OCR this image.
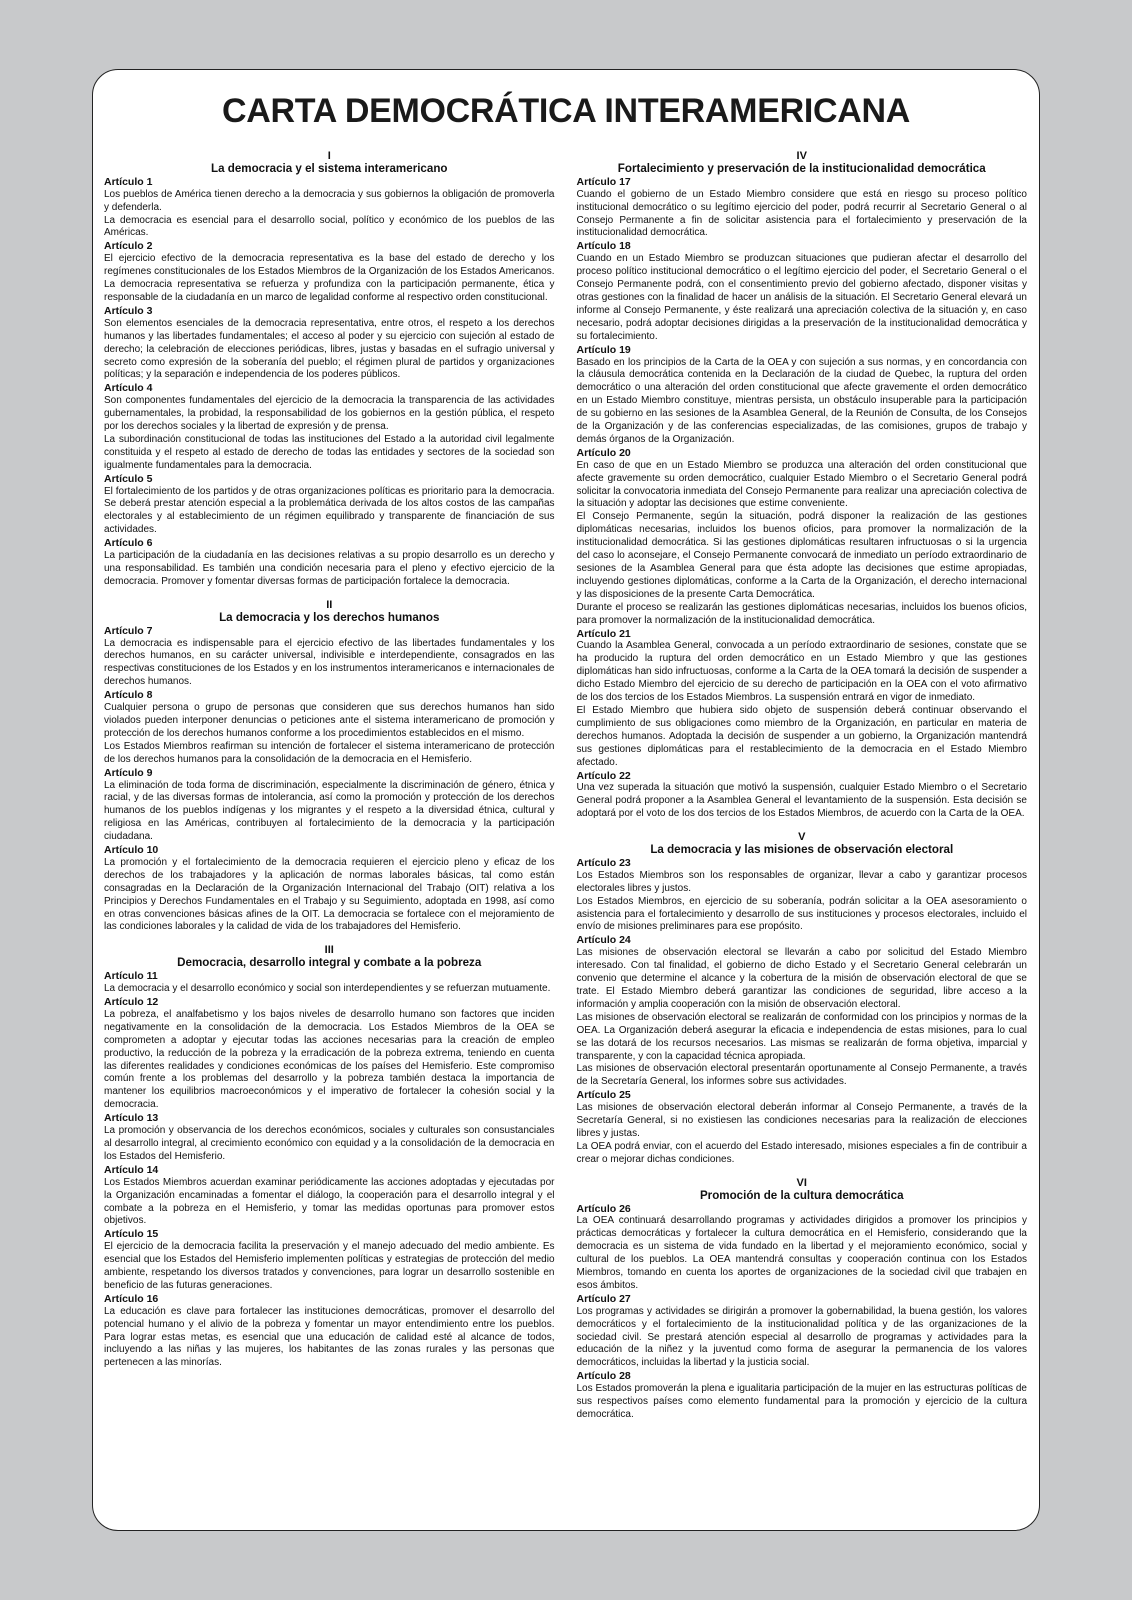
CARTA DEMOCRÁTICA INTERAMERICANA
I
La democracia y el sistema interamericano
Artículo 1

Los pueblos de América tienen derecho a la democracia y sus gobiernos la obligación de promoverla y defenderla.

La democracia es esencial para el desarrollo social, político y económico de los pueblos de las Américas.

Artículo 2

El ejercicio efectivo de la democracia representativa es la base del estado de derecho y los regímenes constitucionales de los Estados Miembros de la Organización de los Estados Americanos. La democracia representativa se refuerza y profundiza con la participación permanente, ética y responsable de la ciudadanía en un marco de legalidad conforme al respectivo orden constitucional.

Artículo 3

Son elementos esenciales de la democracia representativa, entre otros, el respeto a los derechos humanos y las libertades fundamentales; el acceso al poder y su ejercicio con sujeción al estado de derecho; la celebración de elecciones periódicas, libres, justas y basadas en el sufragio universal y secreto como expresión de la soberanía del pueblo; el régimen plural de partidos y organizaciones políticas; y la separación e independencia de los poderes públicos.

Artículo 4

Son componentes fundamentales del ejercicio de la democracia la transparencia de las actividades gubernamentales, la probidad, la responsabilidad de los gobiernos en la gestión pública, el respeto por los derechos sociales y la libertad de expresión y de prensa.

La subordinación constitucional de todas las instituciones del Estado a la autoridad civil legalmente constituida y el respeto al estado de derecho de todas las entidades y sectores de la sociedad son igualmente fundamentales para la democracia.

Artículo 5

El fortalecimiento de los partidos y de otras organizaciones políticas es prioritario para la democracia. Se deberá prestar atención especial a la problemática derivada de los altos costos de las campañas electorales y al establecimiento de un régimen equilibrado y transparente de financiación de sus actividades.

Artículo 6

La participación de la ciudadanía en las decisiones relativas a su propio desarrollo es un derecho y una responsabilidad. Es también una condición necesaria para el pleno y efectivo ejercicio de la democracia. Promover y fomentar diversas formas de participación fortalece la democracia.

II
La democracia y los derechos humanos
Artículo 7

La democracia es indispensable para el ejercicio efectivo de las libertades fundamentales y los derechos humanos, en su carácter universal, indivisible e interdependiente, consagrados en las respectivas constituciones de los Estados y en los instrumentos interamericanos e internacionales de derechos humanos.

Artículo 8

Cualquier persona o grupo de personas que consideren que sus derechos humanos han sido violados pueden interponer denuncias o peticiones ante el sistema interamericano de promoción y protección de los derechos humanos conforme a los procedimientos establecidos en el mismo.

Los Estados Miembros reafirman su intención de fortalecer el sistema interamericano de protección de los derechos humanos para la consolidación de la democracia en el Hemisferio.

Artículo 9

La eliminación de toda forma de discriminación, especialmente la discriminación de género, étnica y racial, y de las diversas formas de intolerancia, así como la promoción y protección de los derechos humanos de los pueblos indígenas y los migrantes y el respeto a la diversidad étnica, cultural y religiosa en las Américas, contribuyen al fortalecimiento de la democracia y la participación ciudadana.

Artículo 10

La promoción y el fortalecimiento de la democracia requieren el ejercicio pleno y eficaz de los derechos de los trabajadores y la aplicación de normas laborales básicas, tal como están consagradas en la Declaración de la Organización Internacional del Trabajo (OIT) relativa a los Principios y Derechos Fundamentales en el Trabajo y su Seguimiento, adoptada en 1998, así como en otras convenciones básicas afines de la OIT. La democracia se fortalece con el mejoramiento de las condiciones laborales y la calidad de vida de los trabajadores del Hemisferio.

III
Democracia, desarrollo integral y combate a la pobreza
Artículo 11

La democracia y el desarrollo económico y social son interdependientes y se refuerzan mutuamente.

Artículo 12

La pobreza, el analfabetismo y los bajos niveles de desarrollo humano son factores que inciden negativamente en la consolidación de la democracia. Los Estados Miembros de la OEA se comprometen a adoptar y ejecutar todas las acciones necesarias para la creación de empleo productivo, la reducción de la pobreza y la erradicación de la pobreza extrema, teniendo en cuenta las diferentes realidades y condiciones económicas de los países del Hemisferio. Este compromiso común frente a los problemas del desarrollo y la pobreza también destaca la importancia de mantener los equilibrios macroeconómicos y el imperativo de fortalecer la cohesión social y la democracia.

Artículo 13

La promoción y observancia de los derechos económicos, sociales y culturales son consustanciales al desarrollo integral, al crecimiento económico con equidad y a la consolidación de la democracia en los Estados del Hemisferio.

Artículo 14

Los Estados Miembros acuerdan examinar periódicamente las acciones adoptadas y ejecutadas por la Organización encaminadas a fomentar el diálogo, la cooperación para el desarrollo integral y el combate a la pobreza en el Hemisferio, y tomar las medidas oportunas para promover estos objetivos.

Artículo 15

El ejercicio de la democracia facilita la preservación y el manejo adecuado del medio ambiente. Es esencial que los Estados del Hemisferio implementen políticas y estrategias de protección del medio ambiente, respetando los diversos tratados y convenciones, para lograr un desarrollo sostenible en beneficio de las futuras generaciones.

Artículo 16

La educación es clave para fortalecer las instituciones democráticas, promover el desarrollo del potencial humano y el alivio de la pobreza y fomentar un mayor entendimiento entre los pueblos. Para lograr estas metas, es esencial que una educación de calidad esté al alcance de todos, incluyendo a las niñas y las mujeres, los habitantes de las zonas rurales y las personas que pertenecen a las minorías.

IV
Fortalecimiento y preservación de la institucionalidad democrática
Artículo 17

Cuando el gobierno de un Estado Miembro considere que está en riesgo su proceso político institucional democrático o su legítimo ejercicio del poder, podrá recurrir al Secretario General o al Consejo Permanente a fin de solicitar asistencia para el fortalecimiento y preservación de la institucionalidad democrática.

Artículo 18

Cuando en un Estado Miembro se produzcan situaciones que pudieran afectar el desarrollo del proceso político institucional democrático o el legítimo ejercicio del poder, el Secretario General o el Consejo Permanente podrá, con el consentimiento previo del gobierno afectado, disponer visitas y otras gestiones con la finalidad de hacer un análisis de la situación. El Secretario General elevará un informe al Consejo Permanente, y éste realizará una apreciación colectiva de la situación y, en caso necesario, podrá adoptar decisiones dirigidas a la preservación de la institucionalidad democrática y su fortalecimiento.

Artículo 19

Basado en los principios de la Carta de la OEA y con sujeción a sus normas, y en concordancia con la cláusula democrática contenida en la Declaración de la ciudad de Quebec, la ruptura del orden democrático o una alteración del orden constitucional que afecte gravemente el orden democrático en un Estado Miembro constituye, mientras persista, un obstáculo insuperable para la participación de su gobierno en las sesiones de la Asamblea General, de la Reunión de Consulta, de los Consejos de la Organización y de las conferencias especializadas, de las comisiones, grupos de trabajo y demás órganos de la Organización.

Artículo 20

En caso de que en un Estado Miembro se produzca una alteración del orden constitucional que afecte gravemente su orden democrático, cualquier Estado Miembro o el Secretario General podrá solicitar la convocatoria inmediata del Consejo Permanente para realizar una apreciación colectiva de la situación y adoptar las decisiones que estime conveniente.

El Consejo Permanente, según la situación, podrá disponer la realización de las gestiones diplomáticas necesarias, incluidos los buenos oficios, para promover la normalización de la institucionalidad democrática. Si las gestiones diplomáticas resultaren infructuosas o si la urgencia del caso lo aconsejare, el Consejo Permanente convocará de inmediato un período extraordinario de sesiones de la Asamblea General para que ésta adopte las decisiones que estime apropiadas, incluyendo gestiones diplomáticas, conforme a la Carta de la Organización, el derecho internacional y las disposiciones de la presente Carta Democrática.

Durante el proceso se realizarán las gestiones diplomáticas necesarias, incluidos los buenos oficios, para promover la normalización de la institucionalidad democrática.

Artículo 21

Cuando la Asamblea General, convocada a un período extraordinario de sesiones, constate que se ha producido la ruptura del orden democrático en un Estado Miembro y que las gestiones diplomáticas han sido infructuosas, conforme a la Carta de la OEA tomará la decisión de suspender a dicho Estado Miembro del ejercicio de su derecho de participación en la OEA con el voto afirmativo de los dos tercios de los Estados Miembros. La suspensión entrará en vigor de inmediato.

El Estado Miembro que hubiera sido objeto de suspensión deberá continuar observando el cumplimiento de sus obligaciones como miembro de la Organización, en particular en materia de derechos humanos. Adoptada la decisión de suspender a un gobierno, la Organización mantendrá sus gestiones diplomáticas para el restablecimiento de la democracia en el Estado Miembro afectado.

Artículo 22

Una vez superada la situación que motivó la suspensión, cualquier Estado Miembro o el Secretario General podrá proponer a la Asamblea General el levantamiento de la suspensión. Esta decisión se adoptará por el voto de los dos tercios de los Estados Miembros, de acuerdo con la Carta de la OEA.

V
La democracia y las misiones de observación electoral
Artículo 23

Los Estados Miembros son los responsables de organizar, llevar a cabo y garantizar procesos electorales libres y justos.

Los Estados Miembros, en ejercicio de su soberanía, podrán solicitar a la OEA asesoramiento o asistencia para el fortalecimiento y desarrollo de sus instituciones y procesos electorales, incluido el envío de misiones preliminares para ese propósito.

Artículo 24

Las misiones de observación electoral se llevarán a cabo por solicitud del Estado Miembro interesado. Con tal finalidad, el gobierno de dicho Estado y el Secretario General celebrarán un convenio que determine el alcance y la cobertura de la misión de observación electoral de que se trate. El Estado Miembro deberá garantizar las condiciones de seguridad, libre acceso a la información y amplia cooperación con la misión de observación electoral.

Las misiones de observación electoral se realizarán de conformidad con los principios y normas de la OEA. La Organización deberá asegurar la eficacia e independencia de estas misiones, para lo cual se las dotará de los recursos necesarios. Las mismas se realizarán de forma objetiva, imparcial y transparente, y con la capacidad técnica apropiada.

Las misiones de observación electoral presentarán oportunamente al Consejo Permanente, a través de la Secretaría General, los informes sobre sus actividades.

Artículo 25

Las misiones de observación electoral deberán informar al Consejo Permanente, a través de la Secretaría General, si no existiesen las condiciones necesarias para la realización de elecciones libres y justas.

La OEA podrá enviar, con el acuerdo del Estado interesado, misiones especiales a fin de contribuir a crear o mejorar dichas condiciones.

VI
Promoción de la cultura democrática
Artículo 26

La OEA continuará desarrollando programas y actividades dirigidos a promover los principios y prácticas democráticas y fortalecer la cultura democrática en el Hemisferio, considerando que la democracia es un sistema de vida fundado en la libertad y el mejoramiento económico, social y cultural de los pueblos. La OEA mantendrá consultas y cooperación continua con los Estados Miembros, tomando en cuenta los aportes de organizaciones de la sociedad civil que trabajen en esos ámbitos.

Artículo 27

Los programas y actividades se dirigirán a promover la gobernabilidad, la buena gestión, los valores democráticos y el fortalecimiento de la institucionalidad política y de las organizaciones de la sociedad civil. Se prestará atención especial al desarrollo de programas y actividades para la educación de la niñez y la juventud como forma de asegurar la permanencia de los valores democráticos, incluidas la libertad y la justicia social.

Artículo 28

Los Estados promoverán la plena e igualitaria participación de la mujer en las estructuras políticas de sus respectivos países como elemento fundamental para la promoción y ejercicio de la cultura democrática.
